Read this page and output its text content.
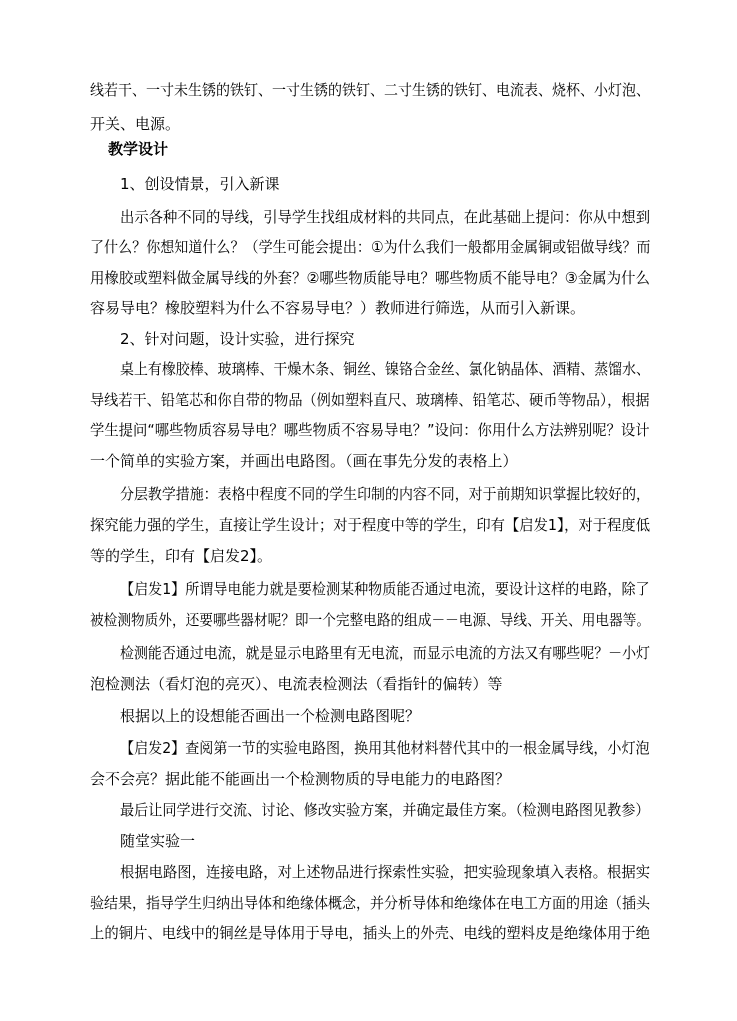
线若干、一寸未生锈的铁钉、一寸生锈的铁钉、二寸生锈的铁钉、电流表、烧杯、小灯泡、
开关、电源。
教学设计
1、创设情景，引入新课
出示各种不同的导线，引导学生找组成材料的共同点，在此基础上提问：你从中想到
了什么？你想知道什么？（学生可能会提出：①为什么我们一般都用金属铜或铝做导线？而
用橡胶或塑料做金属导线的外套？②哪些物质能导电？哪些物质不能导电？③金属为什么
容易导电？橡胶塑料为什么不容易导电？）教师进行筛选，从而引入新课。
2、针对问题，设计实验，进行探究
桌上有橡胶棒、玻璃棒、干燥木条、铜丝、镍铬合金丝、氯化钠晶体、酒精、蒸馏水、
导线若干、铅笔芯和你自带的物品（例如塑料直尺、玻璃棒、铅笔芯、硬币等物品），根据
学生提问“哪些物质容易导电？哪些物质不容易导电？”设问：你用什么方法辨别呢？设计
一个简单的实验方案，并画出电路图。（画在事先分发的表格上）
分层教学措施：表格中程度不同的学生印制的内容不同，对于前期知识掌握比较好的，
探究能力强的学生，直接让学生设计；对于程度中等的学生，印有【启发1】，对于程度低
等的学生，印有【启发2】。
【启发1】所谓导电能力就是要检测某种物质能否通过电流，要设计这样的电路，除了
被检测物质外，还要哪些器材呢？即一个完整电路的组成－－电源、导线、开关、用电器等。
检测能否通过电流，就是显示电路里有无电流，而显示电流的方法又有哪些呢？－小灯
泡检测法（看灯泡的亮灭）、电流表检测法（看指针的偏转）等
根据以上的设想能否画出一个检测电路图呢？
【启发2】查阅第一节的实验电路图，换用其他材料替代其中的一根金属导线，小灯泡
会不会亮？据此能不能画出一个检测物质的导电能力的电路图？
最后让同学进行交流、讨论、修改实验方案，并确定最佳方案。（检测电路图见教参）
随堂实验一
根据电路图，连接电路，对上述物品进行探索性实验，把实验现象填入表格。根据实
验结果，指导学生归纳出导体和绝缘体概念，并分析导体和绝缘体在电工方面的用途（插头
上的铜片、电线中的铜丝是导体用于导电，插头上的外壳、电线的塑料皮是绝缘体用于绝
